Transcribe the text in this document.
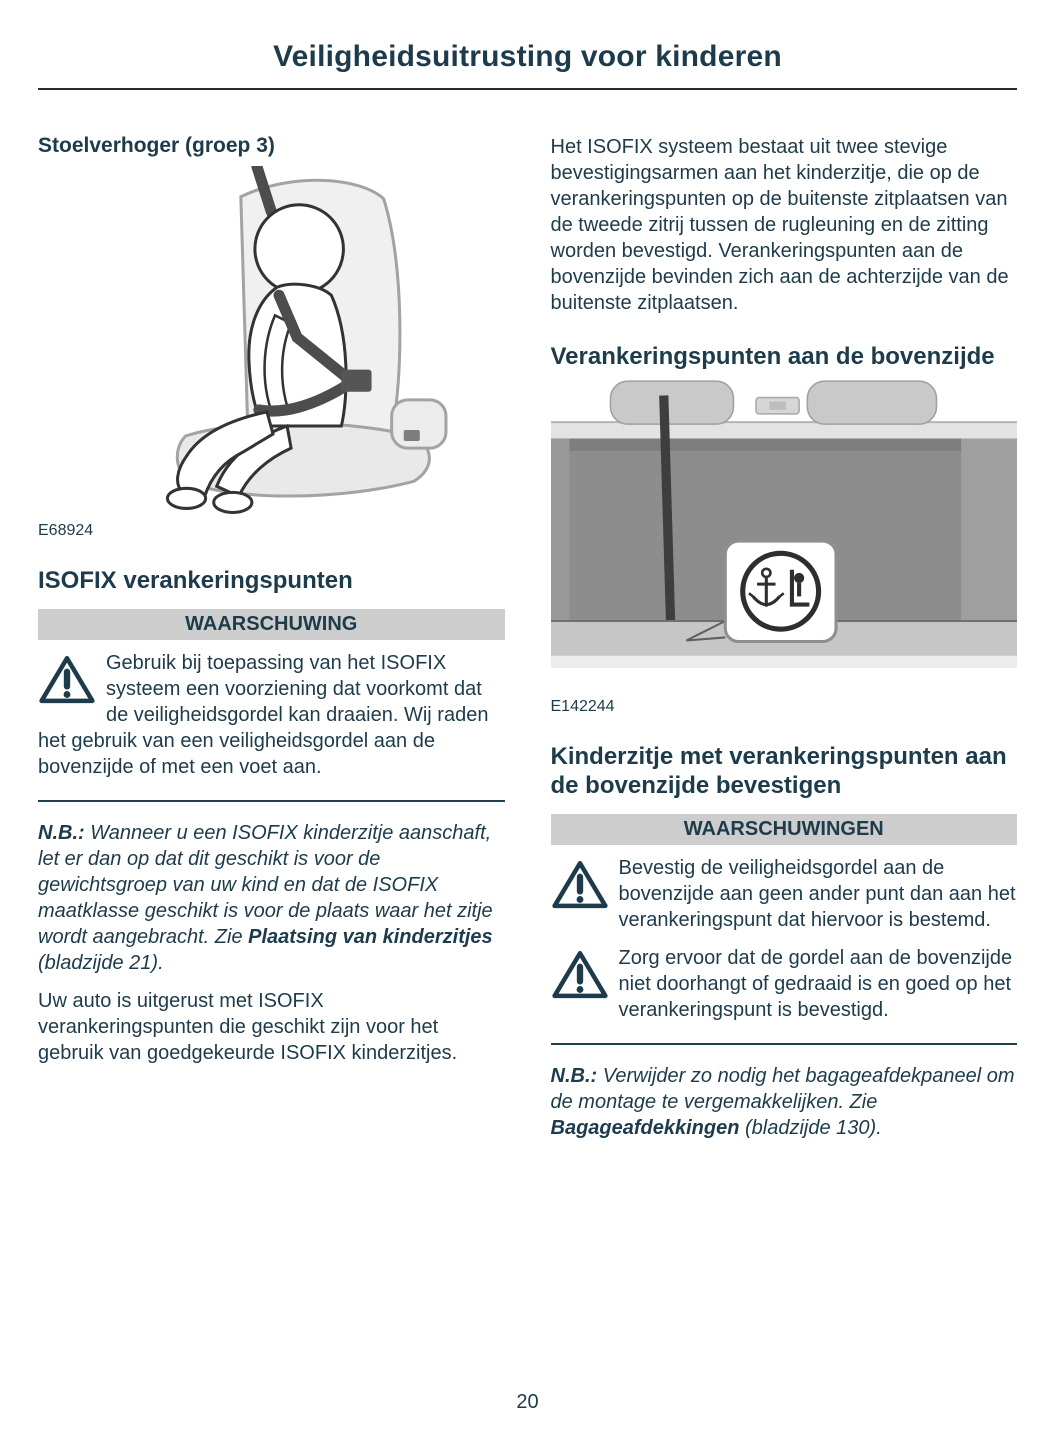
Veiligheidsuitrusting voor kinderen
Stoelverhoger (groep 3)
E68924
ISOFIX verankeringspunten
WAARSCHUWING
Gebruik bij toepassing van het ISOFIX systeem een voorziening dat voorkomt dat de veiligheidsgordel kan draaien. Wij raden het gebruik van een veiligheidsgordel aan de bovenzijde of met een voet aan.

N.B.: Wanneer u een ISOFIX kinderzitje aanschaft, let er dan op dat dit geschikt is voor de gewichtsgroep van uw kind en dat de ISOFIX maatklasse geschikt is voor de plaats waar het zitje wordt aangebracht. Zie Plaatsing van kinderzitjes (bladzijde 21).

Uw auto is uitgerust met ISOFIX verankeringspunten die geschikt zijn voor het gebruik van goedgekeurde ISOFIX kinderzitjes.

Het ISOFIX systeem bestaat uit twee stevige bevestigingsarmen aan het kinderzitje, die op de verankeringspunten op de buitenste zitplaatsen van de tweede zitrij tussen de rugleuning en de zitting worden bevestigd. Verankeringspunten aan de bovenzijde bevinden zich aan de achterzijde van de buitenste zitplaatsen.

Verankeringspunten aan de bovenzijde
E142244
Kinderzitje met verankeringspunten aan de bovenzijde bevestigen
WAARSCHUWINGEN
Bevestig de veiligheidsgordel aan de bovenzijde aan geen ander punt dan aan het verankeringspunt dat hiervoor is bestemd.
Zorg ervoor dat de gordel aan de bovenzijde niet doorhangt of gedraaid is en goed op het verankeringspunt is bevestigd.

N.B.: Verwijder zo nodig het bagageafdekpaneel om de montage te vergemakkelijken. Zie Bagageafdekkingen (bladzijde 130).

20
